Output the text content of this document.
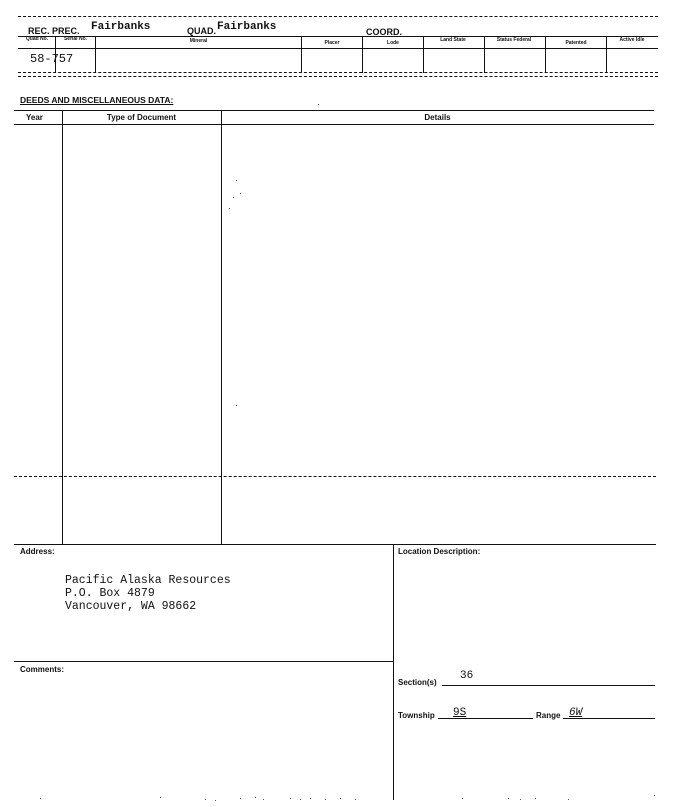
REC. PREC. Fairbanks	QUAD. Fairbanks	COORD.
Quad No.	Serial No.	Mineral	Placer	Lode	Land State	Status Federal	Patented	Active Idle
58-757
DEEDS AND MISCELLANEOUS DATA:
Year	Type of Document	Details
Address:
Pacific Alaska Resources
P.O. Box 4879
Vancouver, WA 98662
Comments:
Location Description:
Section(s)
36
Township 9S	Range 6W
